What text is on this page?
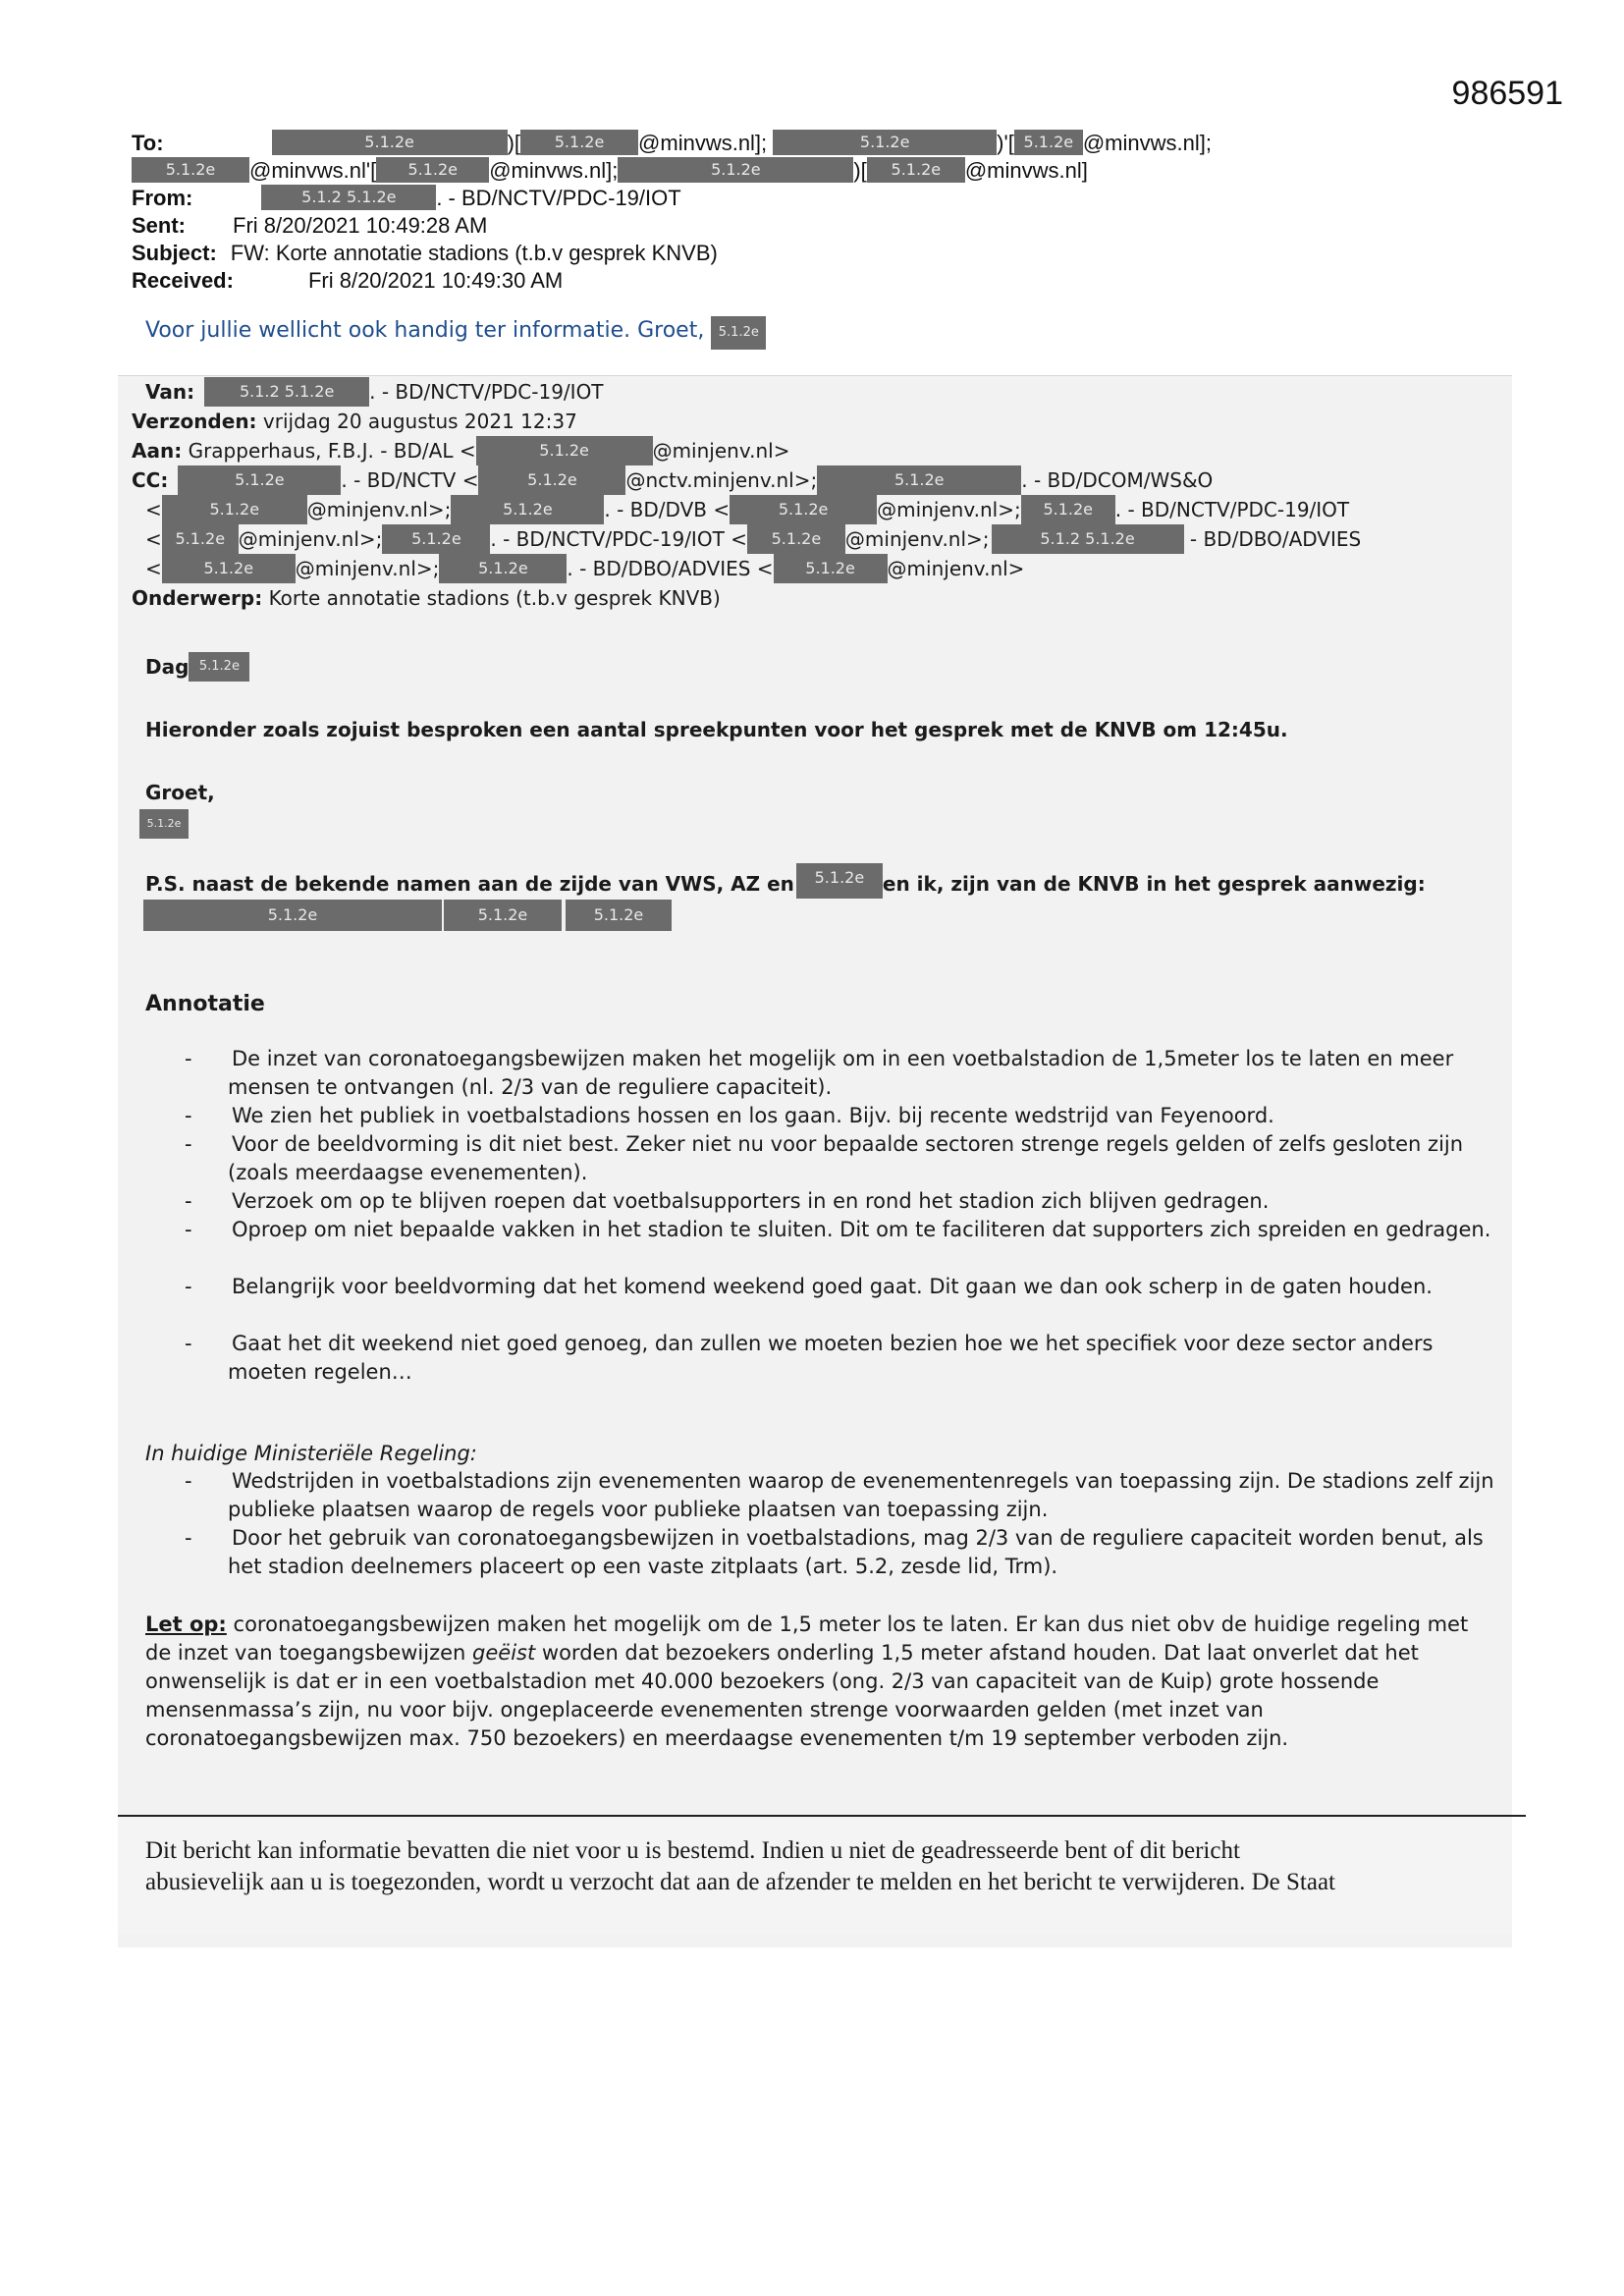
986591
To:	5.1.2e	)[ 5.1.2e @minvws.nl];	5.1.2e	)'[ 5.1.2e @minvws.nl];
5.1.2e @minvws.nl'[ 5.1.2e @minvws.nl];	5.1.2e	)[ 5.1.2e @minvws.nl]
From:	5.1.2 5.1.2e . - BD/NCTV/PDC-19/IOT
Sent: Fri 8/20/2021 10:49:28 AM
Subject: FW: Korte annotatie stadions (t.b.v gesprek KNVB)
Received:	Fri 8/20/2021 10:49:30 AM
Voor jullie wellicht ook handig ter informatie. Groet, 5.1.2e
Van:	5.1.2 5.1.2e . - BD/NCTV/PDC-19/IOT
Verzonden: vrijdag 20 augustus 2021 12:37
Aan: Grapperhaus, F.B.J. - BD/AL <	5.1.2e	@minjenv.nl>
CC:	5.1.2e	. - BD/NCTV <	5.1.2e @nctv.minjenv.nl>;	5.1.2e	. - BD/DCOM/WS&O
<	5.1.2e @minjenv.nl>;	5.1.2e	. - BD/DVB <	5.1.2e @minjenv.nl>; 5.1.2e . - BD/NCTV/PDC-19/IOT
< 5.1.2e @minjenv.nl>; 5.1.2e . - BD/NCTV/PDC-19/IOT < 5.1.2e @minjenv.nl>;	5.1.2 5.1.2e	- BD/DBO/ADVIES
<	5.1.2e @minjenv.nl>; 5.1.2e . - BD/DBO/ADVIES < 5.1.2e @minjenv.nl>
Onderwerp: Korte annotatie stadions (t.b.v gesprek KNVB)
Dag 5.1.2e
Hieronder zoals zojuist besproken een aantal spreekpunten voor het gesprek met de KNVB om 12:45u.
Groet,
5.1.2e
P.S. naast de bekende namen aan de zijde van VWS, AZ en 5.1.2e en ik, zijn van de KNVB in het gesprek aanwezig:
5.1.2e	5.1.2e	5.1.2e
Annotatie
- De inzet van coronatoegangsbewijzen maken het mogelijk om in een voetbalstadion de 1,5meter los te laten en meer mensen te ontvangen (nl. 2/3 van de reguliere capaciteit).
- We zien het publiek in voetbalstadions hossen en los gaan. Bijv. bij recente wedstrijd van Feyenoord.
- Voor de beeldvorming is dit niet best. Zeker niet nu voor bepaalde sectoren strenge regels gelden of zelfs gesloten zijn (zoals meerdaagse evenementen).
- Verzoek om op te blijven roepen dat voetbalsupporters in en rond het stadion zich blijven gedragen.
- Oproep om niet bepaalde vakken in het stadion te sluiten. Dit om te faciliteren dat supporters zich spreiden en gedragen.
- Belangrijk voor beeldvorming dat het komend weekend goed gaat. Dit gaan we dan ook scherp in de gaten houden.
- Gaat het dit weekend niet goed genoeg, dan zullen we moeten bezien hoe we het specifiek voor deze sector anders moeten regelen…
In huidige Ministeriële Regeling:
- Wedstrijden in voetbalstadions zijn evenementen waarop de evenementenregels van toepassing zijn. De stadions zelf zijn publieke plaatsen waarop de regels voor publieke plaatsen van toepassing zijn.
- Door het gebruik van coronatoegangsbewijzen in voetbalstadions, mag 2/3 van de reguliere capaciteit worden benut, als het stadion deelnemers placeert op een vaste zitplaats (art. 5.2, zesde lid, Trm).
Let op: coronatoegangsbewijzen maken het mogelijk om de 1,5 meter los te laten. Er kan dus niet obv de huidige regeling met de inzet van toegangsbewijzen geëist worden dat bezoekers onderling 1,5 meter afstand houden. Dat laat onverlet dat het onwenselijk is dat er in een voetbalstadion met 40.000 bezoekers (ong. 2/3 van capaciteit van de Kuip) grote hossende mensenmassa’s zijn, nu voor bijv. ongeplaceerde evenementen strenge voorwaarden gelden (met inzet van coronatoegangsbewijzen max. 750 bezoekers) en meerdaagse evenementen t/m 19 september verboden zijn.
Dit bericht kan informatie bevatten die niet voor u is bestemd. Indien u niet de geadresseerde bent of dit bericht
abusievelijk aan u is toegezonden, wordt u verzocht dat aan de afzender te melden en het bericht te verwijderen. De Staat
